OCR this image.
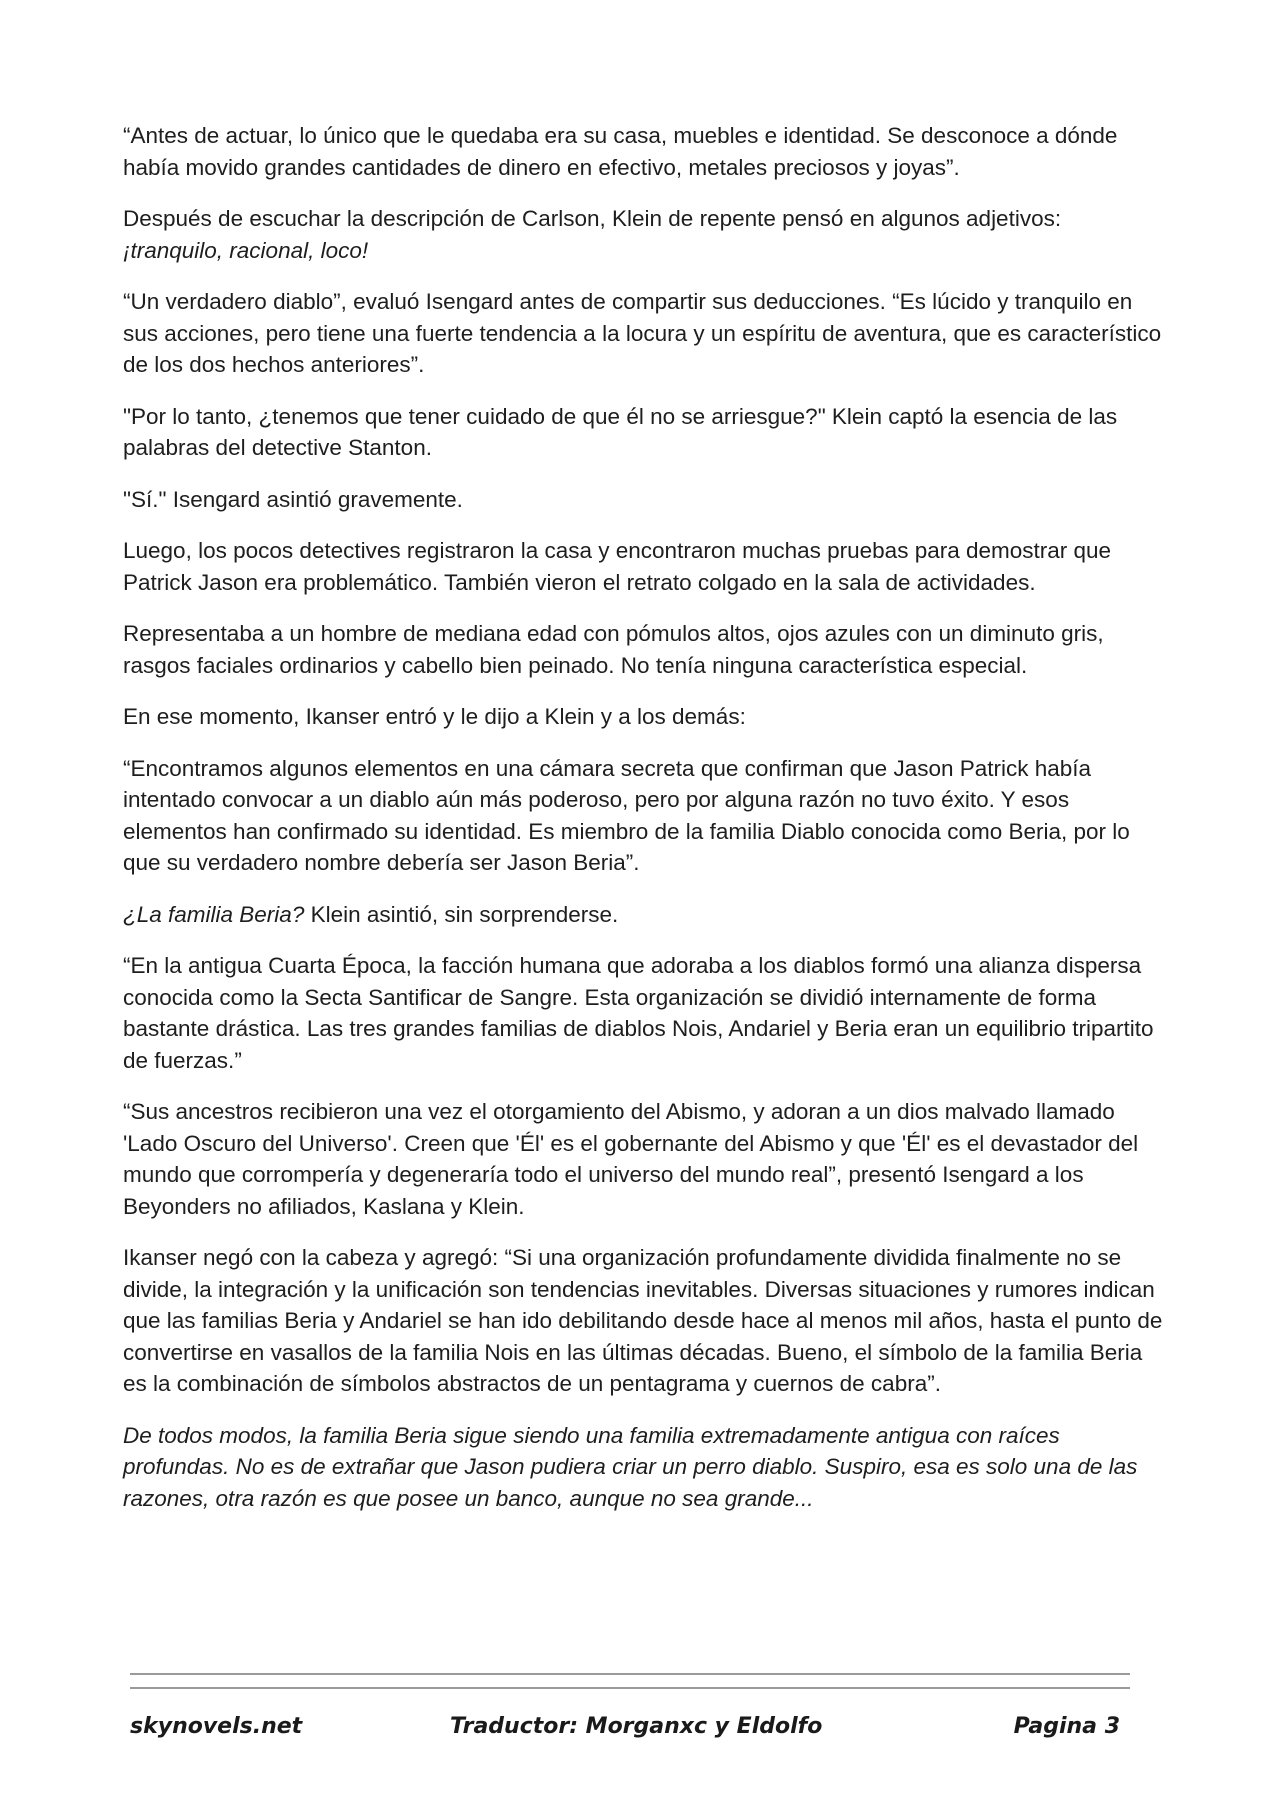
“Antes de actuar, lo único que le quedaba era su casa, muebles e identidad. Se desconoce a dónde había movido grandes cantidades de dinero en efectivo, metales preciosos y joyas”.

Después de escuchar la descripción de Carlson, Klein de repente pensó en algunos adjetivos: ¡tranquilo, racional, loco!

“Un verdadero diablo”, evaluó Isengard antes de compartir sus deducciones. “Es lúcido y tranquilo en sus acciones, pero tiene una fuerte tendencia a la locura y un espíritu de aventura, que es característico de los dos hechos anteriores”.

"Por lo tanto, ¿tenemos que tener cuidado de que él no se arriesgue?" Klein captó la esencia de las palabras del detective Stanton.

"Sí." Isengard asintió gravemente.

Luego, los pocos detectives registraron la casa y encontraron muchas pruebas para demostrar que Patrick Jason era problemático. También vieron el retrato colgado en la sala de actividades.

Representaba a un hombre de mediana edad con pómulos altos, ojos azules con un diminuto gris, rasgos faciales ordinarios y cabello bien peinado. No tenía ninguna característica especial.

En ese momento, Ikanser entró y le dijo a Klein y a los demás:

“Encontramos algunos elementos en una cámara secreta que confirman que Jason Patrick había intentado convocar a un diablo aún más poderoso, pero por alguna razón no tuvo éxito. Y esos elementos han confirmado su identidad. Es miembro de la familia Diablo conocida como Beria, por lo que su verdadero nombre debería ser Jason Beria”.

¿La familia Beria? Klein asintió, sin sorprenderse.

“En la antigua Cuarta Época, la facción humana que adoraba a los diablos formó una alianza dispersa conocida como la Secta Santificar de Sangre. Esta organización se dividió internamente de forma bastante drástica. Las tres grandes familias de diablos Nois, Andariel y Beria eran un equilibrio tripartito de fuerzas.”

“Sus ancestros recibieron una vez el otorgamiento del Abismo, y adoran a un dios malvado llamado 'Lado Oscuro del Universo'. Creen que 'Él' es el gobernante del Abismo y que 'Él' es el devastador del mundo que corrompería y degeneraría todo el universo del mundo real”, presentó Isengard a los Beyonders no afiliados, Kaslana y Klein.

Ikanser negó con la cabeza y agregó: “Si una organización profundamente dividida finalmente no se divide, la integración y la unificación son tendencias inevitables. Diversas situaciones y rumores indican que las familias Beria y Andariel se han ido debilitando desde hace al menos mil años, hasta el punto de convertirse en vasallos de la familia Nois en las últimas décadas. Bueno, el símbolo de la familia Beria es la combinación de símbolos abstractos de un pentagrama y cuernos de cabra”.

De todos modos, la familia Beria sigue siendo una familia extremadamente antigua con raíces profundas. No es de extrañar que Jason pudiera criar un perro diablo. Suspiro, esa es solo una de las razones, otra razón es que posee un banco, aunque no sea grande...

skynovels.net	Traductor: Morganxc y Eldolfo	Pagina 3
